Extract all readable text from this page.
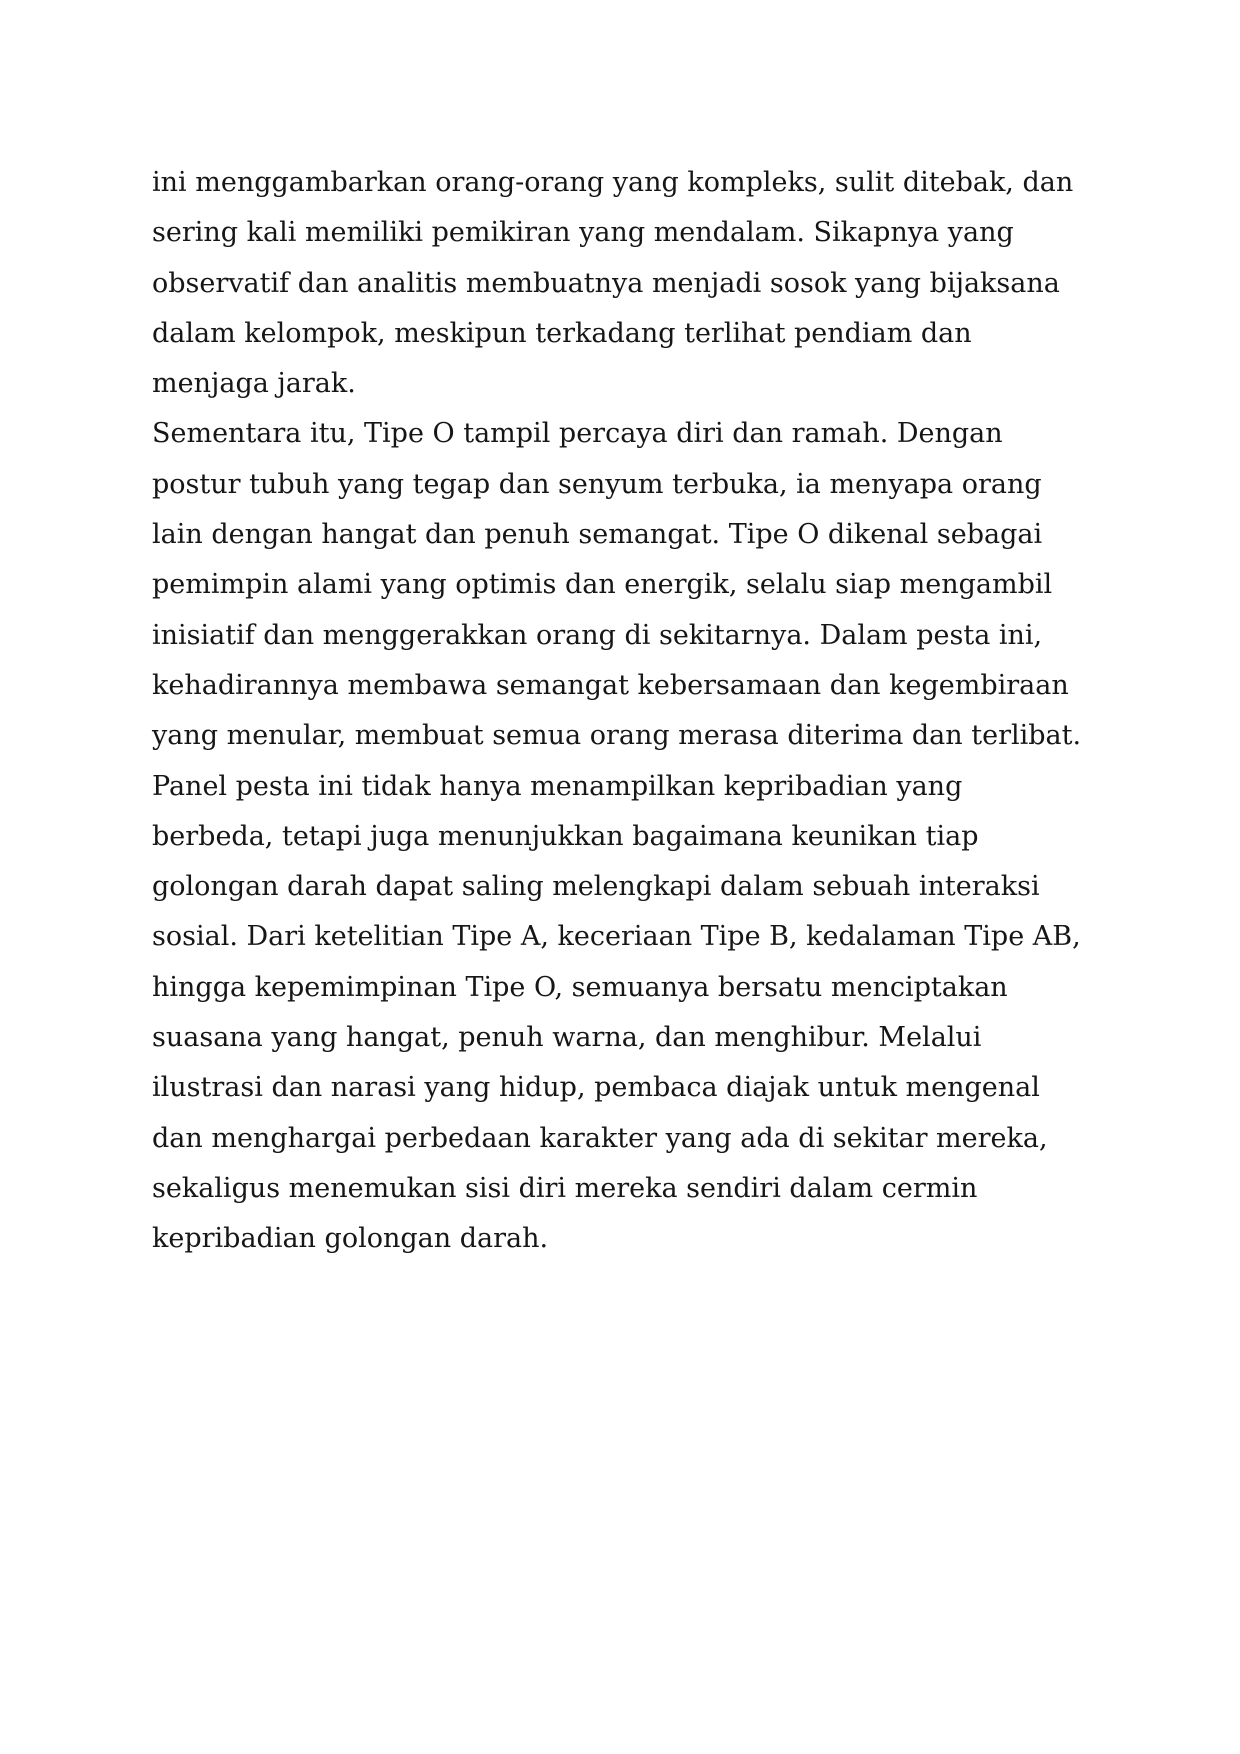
ini menggambarkan orang-orang yang kompleks, sulit ditebak, dan
sering kali memiliki pemikiran yang mendalam. Sikapnya yang
observatif dan analitis membuatnya menjadi sosok yang bijaksana
dalam kelompok, meskipun terkadang terlihat pendiam dan
menjaga jarak.
Sementara itu, Tipe O tampil percaya diri dan ramah. Dengan
postur tubuh yang tegap dan senyum terbuka, ia menyapa orang
lain dengan hangat dan penuh semangat. Tipe O dikenal sebagai
pemimpin alami yang optimis dan energik, selalu siap mengambil
inisiatif dan menggerakkan orang di sekitarnya. Dalam pesta ini,
kehadirannya membawa semangat kebersamaan dan kegembiraan
yang menular, membuat semua orang merasa diterima dan terlibat.
Panel pesta ini tidak hanya menampilkan kepribadian yang
berbeda, tetapi juga menunjukkan bagaimana keunikan tiap
golongan darah dapat saling melengkapi dalam sebuah interaksi
sosial. Dari ketelitian Tipe A, keceriaan Tipe B, kedalaman Tipe AB,
hingga kepemimpinan Tipe O, semuanya bersatu menciptakan
suasana yang hangat, penuh warna, dan menghibur. Melalui
ilustrasi dan narasi yang hidup, pembaca diajak untuk mengenal
dan menghargai perbedaan karakter yang ada di sekitar mereka,
sekaligus menemukan sisi diri mereka sendiri dalam cermin
kepribadian golongan darah.
